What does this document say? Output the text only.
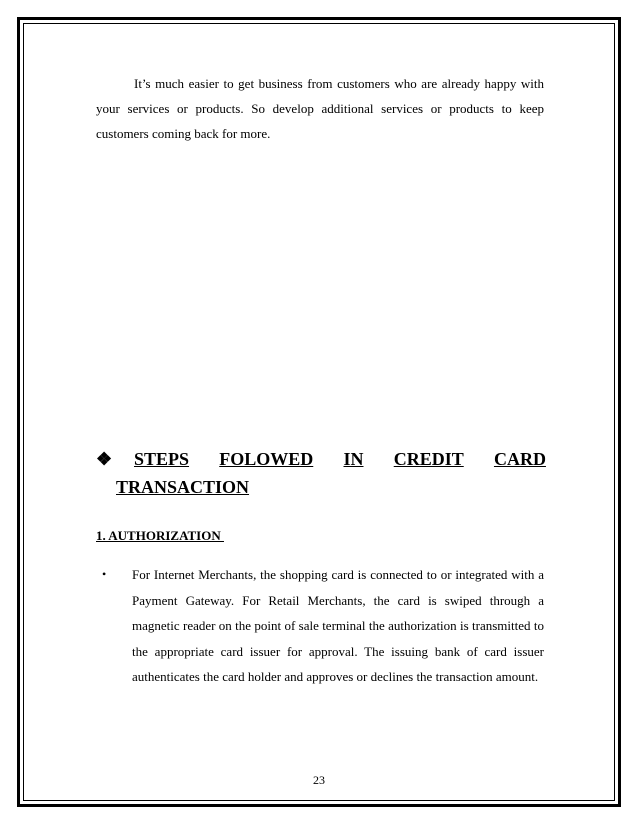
It’s much easier to get business from customers who are already happy with your services or products. So develop additional services or products to keep customers coming back for more.

❖ STEPS FOLOWED IN CREDIT CARD
TRANSACTION

1. AUTHORIZATION

• For Internet Merchants, the shopping card is connected to or integrated with a Payment Gateway. For Retail Merchants, the card is swiped through a magnetic reader on the point of sale terminal the authorization is transmitted to the appropriate card issuer for approval. The issuing bank of card issuer authenticates the card holder and approves or declines the transaction amount.

23
